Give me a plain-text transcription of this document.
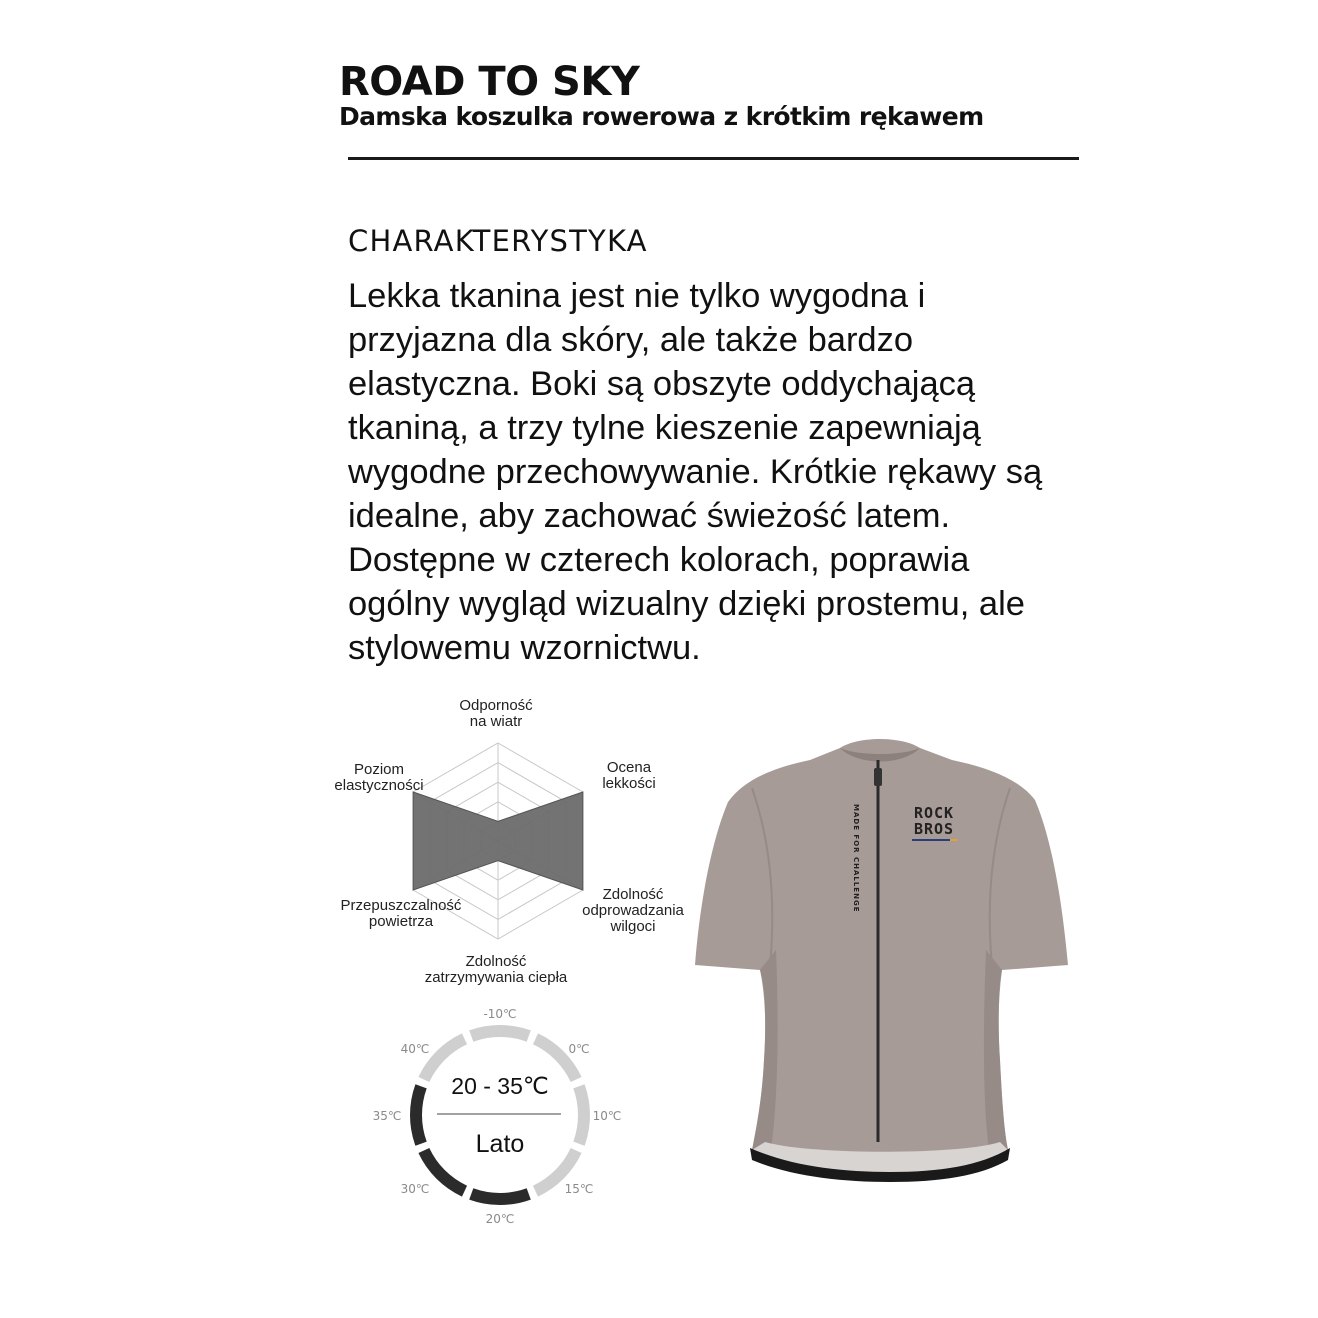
ROAD TO SKY
Damska koszulka rowerowa z krótkim rękawem
CHARAKTERYSTYKA

Lekka tkanina jest nie tylko wygodna i przyjazna dla skóry, ale także bardzo elastyczna. Boki są obszyte oddychającą tkaniną, a trzy tylne kieszenie zapewniają wygodne przechowywanie. Krótkie rękawy są idealne, aby zachować świeżość latem. Dostępne w czterech kolorach, poprawia ogólny wygląd wizualny dzięki prostemu, ale stylowemu wzornictwu.

Odporność
na wiatr
Ocena
lekkości
Zdolność
odprowadzania
wilgoci
Zdolność
zatrzymywania ciepła
Przepuszczalność
powietrza
Poziom
elastyczności
20 - 35℃
Lato
-10℃
0℃
10℃
15℃
20℃
30℃
35℃
40℃
ROCK
BROS
MADE FOR CHALLENGE
